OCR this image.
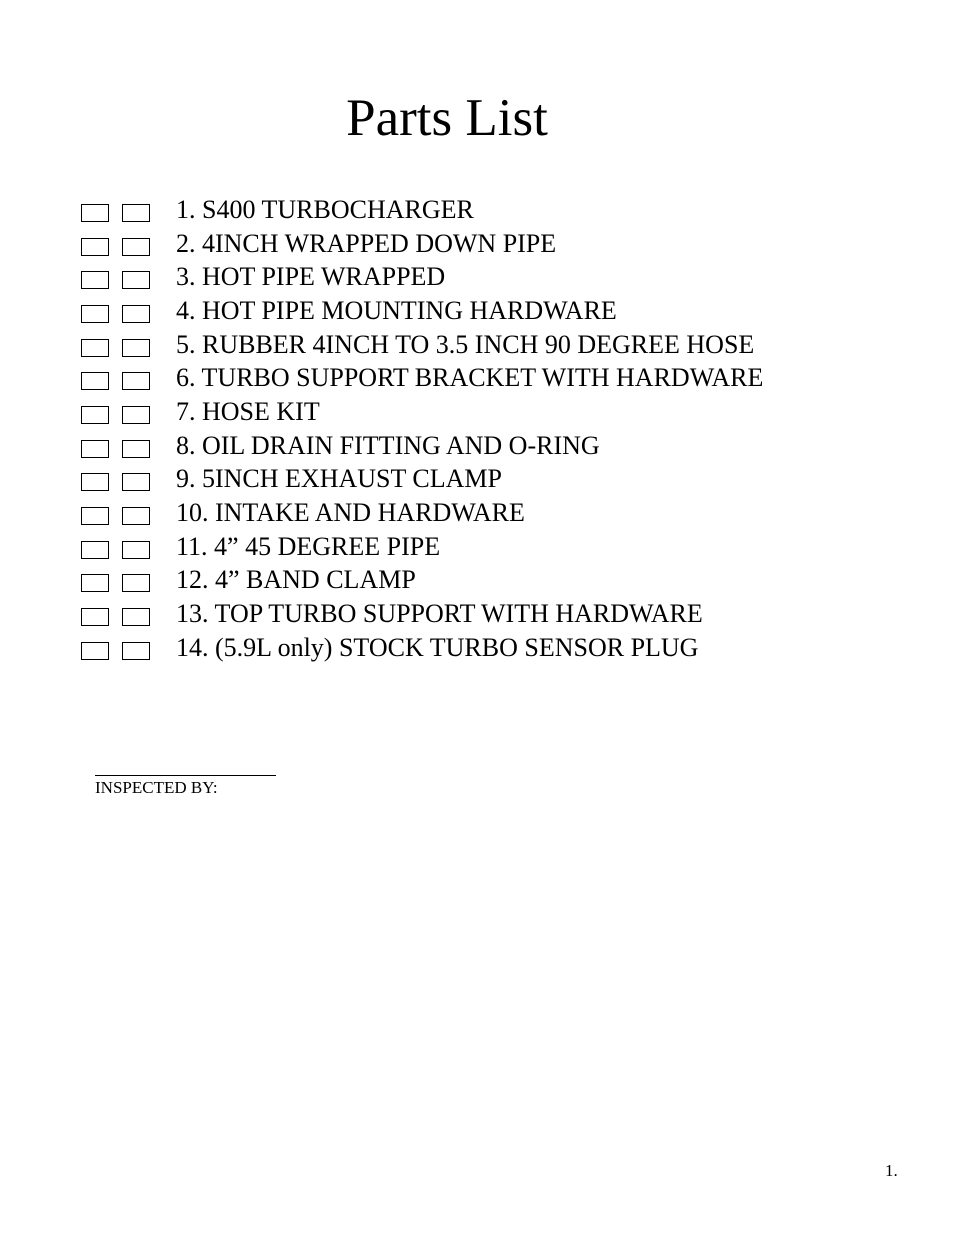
Parts List
1. S400 TURBOCHARGER
2. 4INCH WRAPPED DOWN PIPE
3. HOT PIPE WRAPPED
4. HOT PIPE MOUNTING HARDWARE
5. RUBBER 4INCH TO 3.5 INCH 90 DEGREE HOSE
6. TURBO SUPPORT BRACKET WITH HARDWARE
7. HOSE KIT
8. OIL DRAIN FITTING AND O-RING
9. 5INCH EXHAUST CLAMP
10. INTAKE AND HARDWARE
11. 4” 45 DEGREE PIPE
12. 4” BAND CLAMP
13. TOP TURBO SUPPORT WITH HARDWARE
14. (5.9L only) STOCK TURBO SENSOR PLUG
INSPECTED BY:
1.
